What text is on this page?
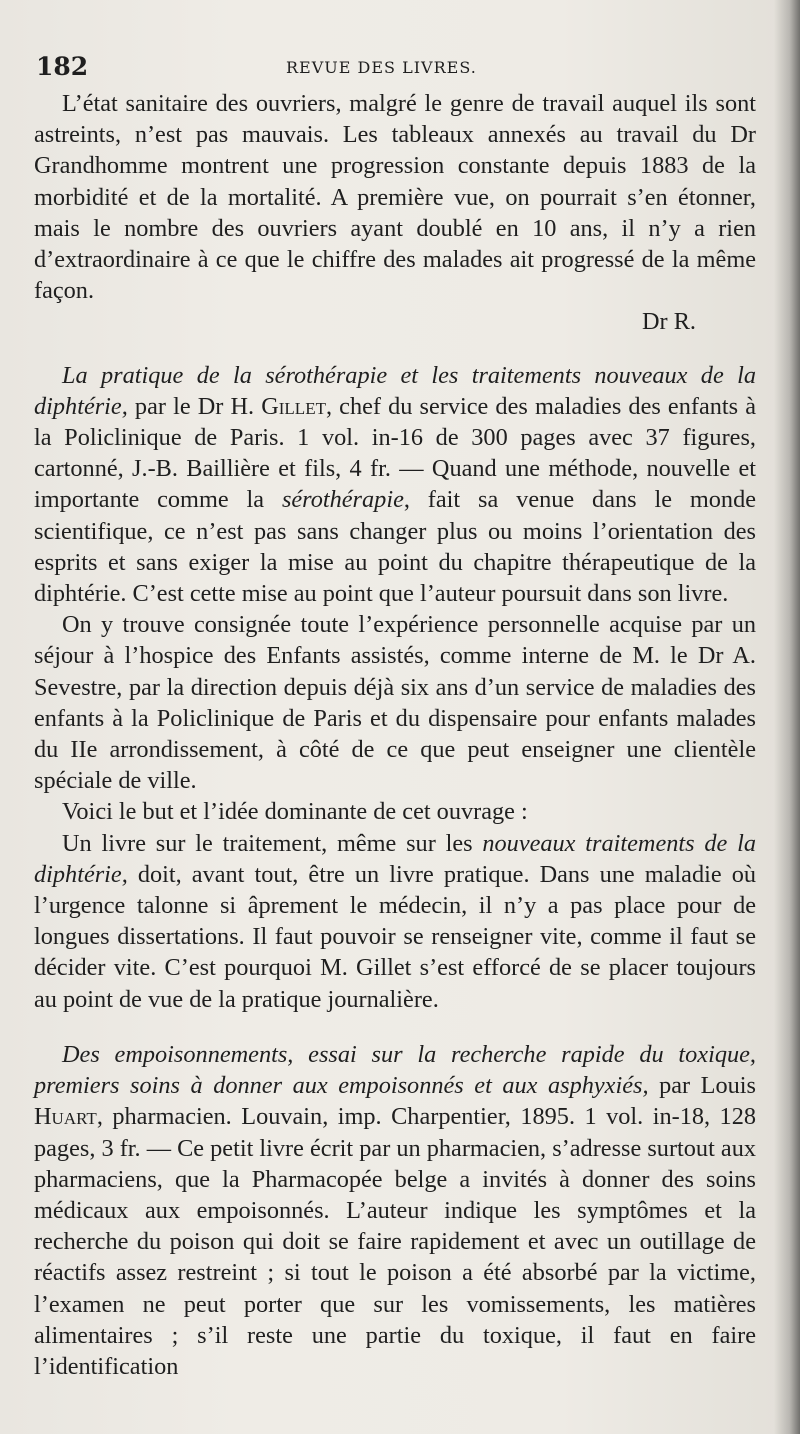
182	REVUE DES LIVRES.

L’état sanitaire des ouvriers, malgré le genre de travail auquel ils sont astreints, n’est pas mauvais. Les tableaux annexés au travail du Dr Grandhomme montrent une progression constante depuis 1883 de la morbidité et de la mortalité. A première vue, on pourrait s’en étonner, mais le nombre des ouvriers ayant doublé en 10 ans, il n’y a rien d’extraordinaire à ce que le chiffre des malades ait progressé de la même façon.

Dr R.

La pratique de la sérothérapie et les traitements nouveaux de la diphtérie, par le Dr H. Gillet, chef du service des maladies des enfants à la Policlinique de Paris. 1 vol. in-16 de 300 pages avec 37 figures, cartonné, J.-B. Baillière et fils, 4 fr. — Quand une méthode, nouvelle et importante comme la sérothérapie, fait sa venue dans le monde scientifique, ce n’est pas sans changer plus ou moins l’orientation des esprits et sans exiger la mise au point du chapitre thérapeutique de la diphtérie. C’est cette mise au point que l’auteur poursuit dans son livre.

On y trouve consignée toute l’expérience personnelle acquise par un séjour à l’hospice des Enfants assistés, comme interne de M. le Dr A. Sevestre, par la direction depuis déjà six ans d’un service de maladies des enfants à la Policlinique de Paris et du dispensaire pour enfants malades du IIe arrondissement, à côté de ce que peut enseigner une clientèle spéciale de ville.

Voici le but et l’idée dominante de cet ouvrage :

Un livre sur le traitement, même sur les nouveaux traitements de la diphtérie, doit, avant tout, être un livre pratique. Dans une maladie où l’urgence talonne si âprement le médecin, il n’y a pas place pour de longues dissertations. Il faut pouvoir se renseigner vite, comme il faut se décider vite. C’est pourquoi M. Gillet s’est efforcé de se placer toujours au point de vue de la pratique journalière.

Des empoisonnements, essai sur la recherche rapide du toxique, premiers soins à donner aux empoisonnés et aux asphyxiés, par Louis Huart, pharmacien. Louvain, imp. Charpentier, 1895. 1 vol. in-18, 128 pages, 3 fr. — Ce petit livre écrit par un pharmacien, s’adresse surtout aux pharmaciens, que la Pharmacopée belge a invités à donner des soins médicaux aux empoisonnés. L’auteur indique les symptômes et la recherche du poison qui doit se faire rapidement et avec un outillage de réactifs assez restreint ; si tout le poison a été absorbé par la victime, l’examen ne peut porter que sur les vomissements, les matières alimentaires ; s’il reste une partie du toxique, il faut en faire l’identification
